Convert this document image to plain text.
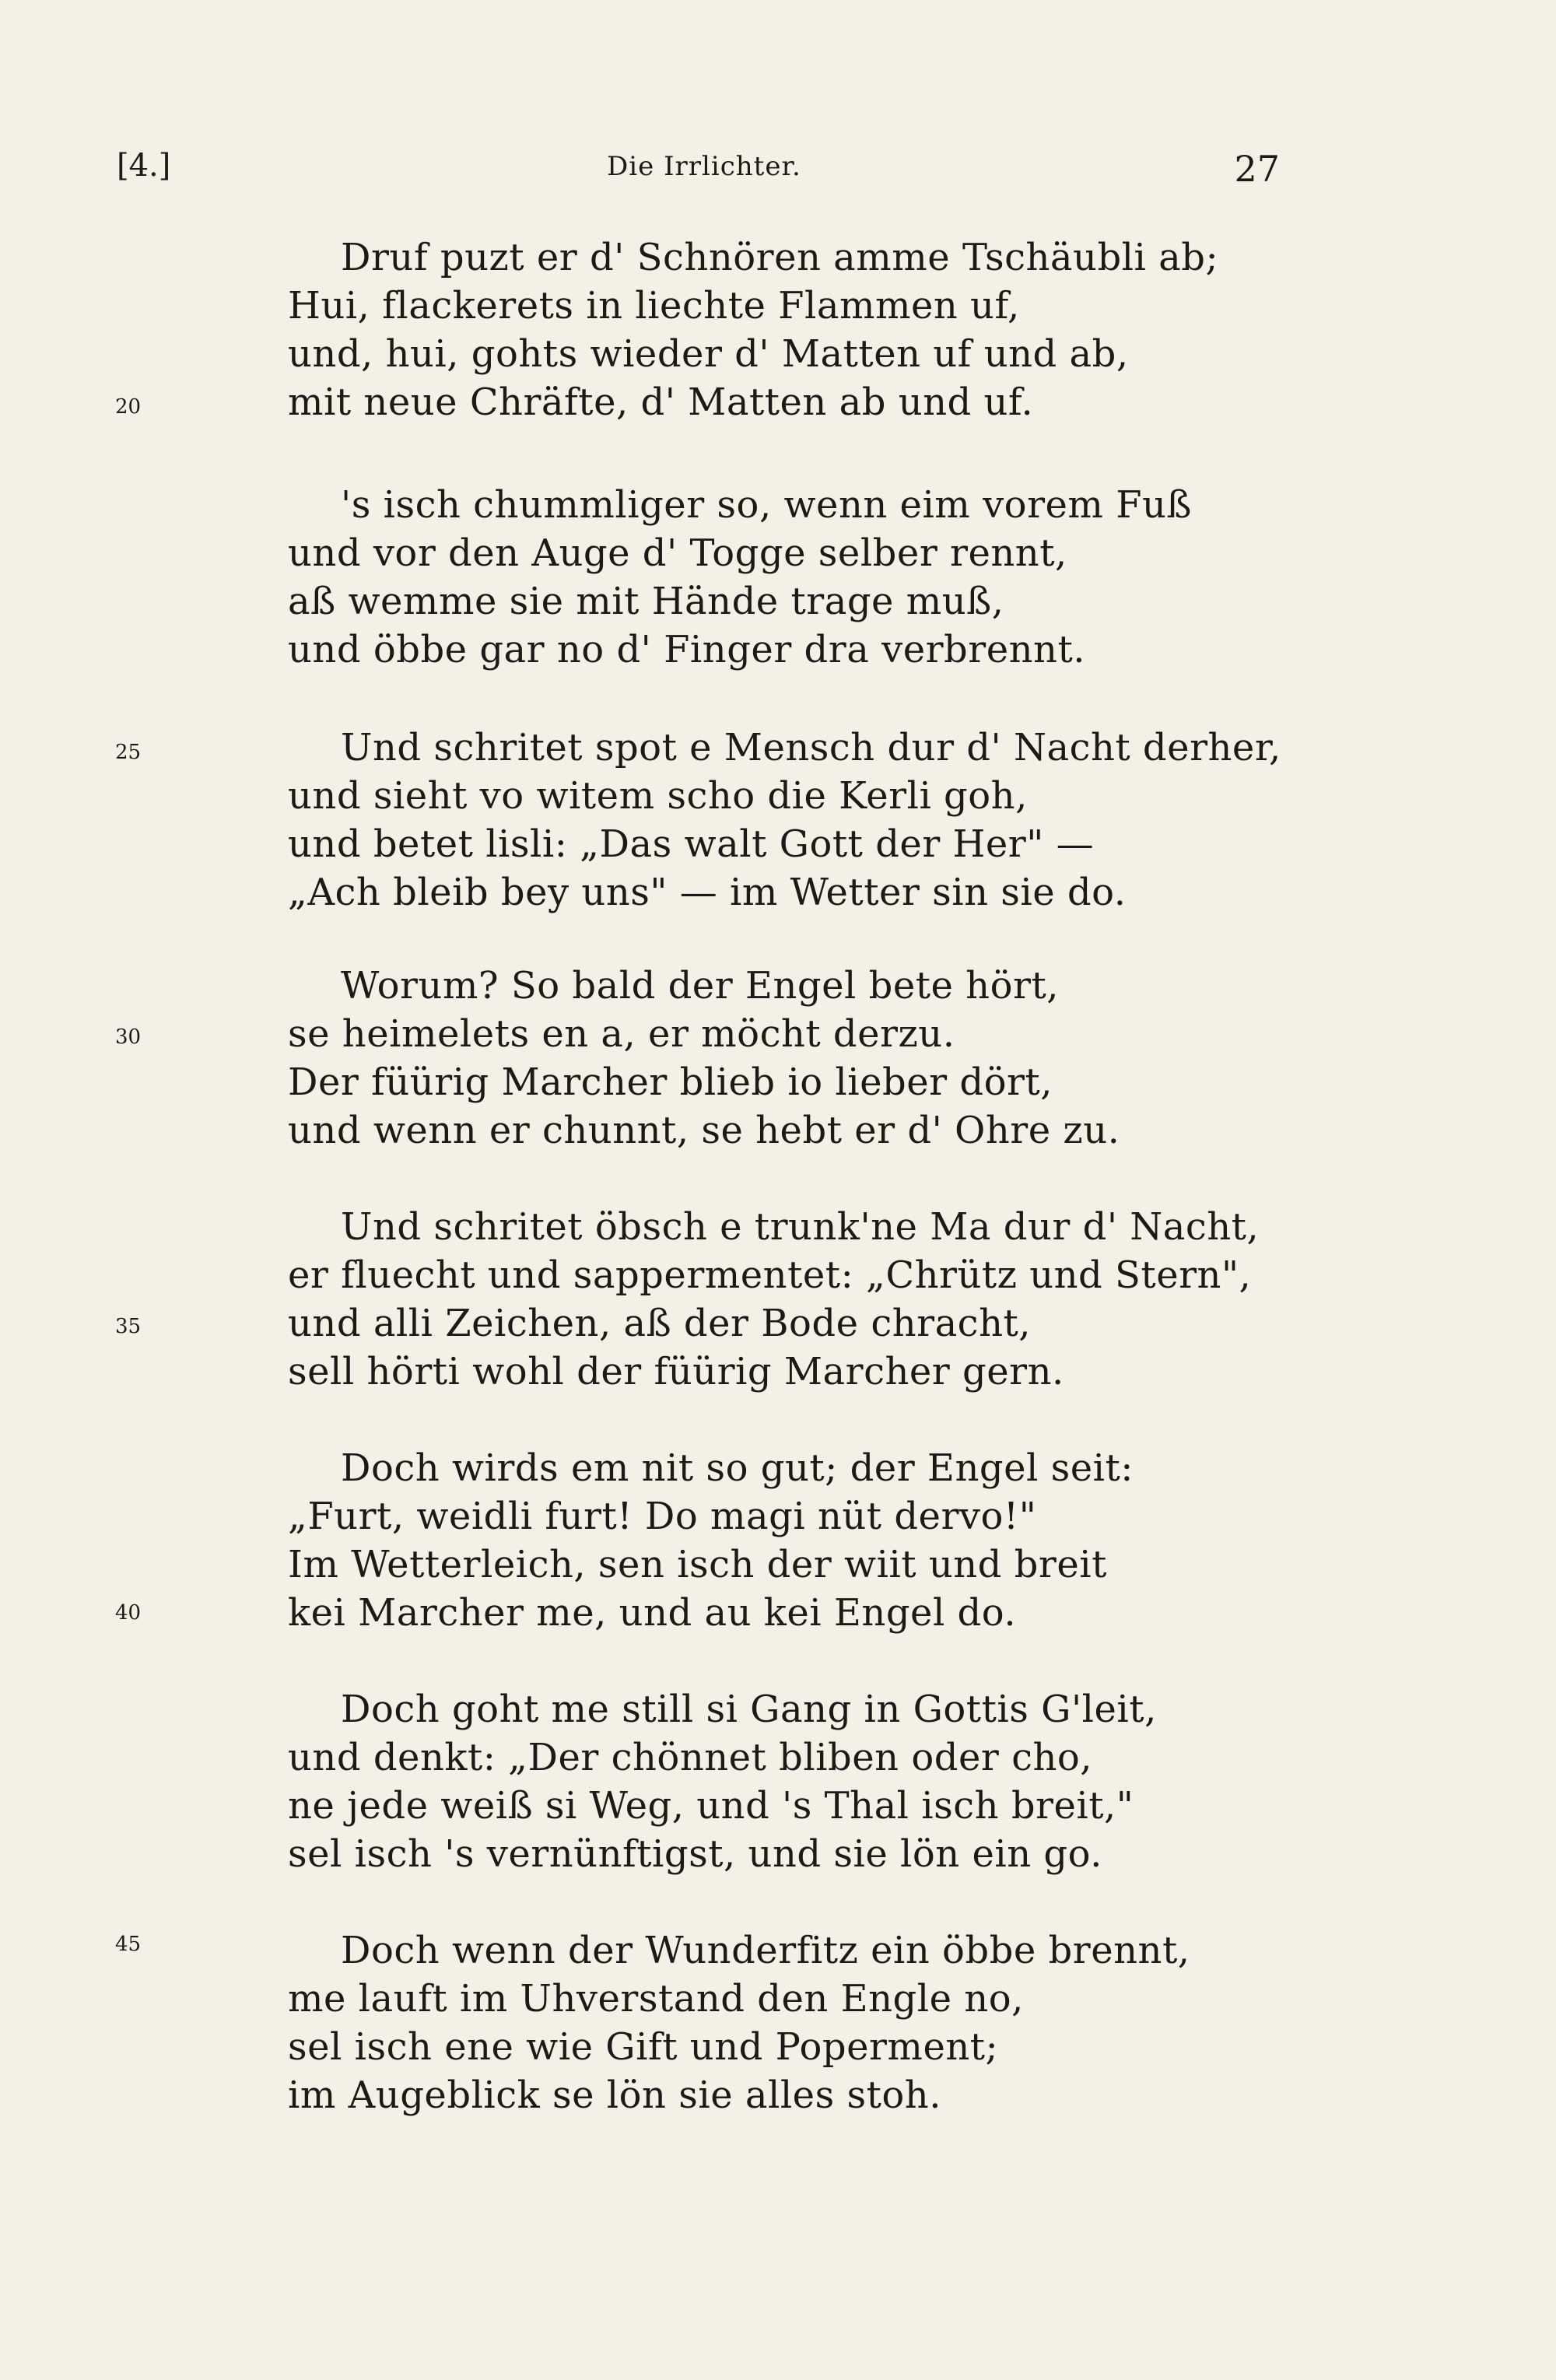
[4.]	Die Irrlichter.	27
20
25
30
35
40
45
Druf puzt er d' Schnören amme Tschäubli ab;
Hui, flackerets in liechte Flammen uf,
und, hui, gohts wieder d' Matten uf und ab,
mit neue Chräfte, d' Matten ab und uf.
's isch chummliger so, wenn eim vorem Fuß
und vor den Auge d' Togge selber rennt,
aß wemme sie mit Hände trage muß,
und öbbe gar no d' Finger dra verbrennt.
Und schritet spot e Mensch dur d' Nacht derher,
und sieht vo witem scho die Kerli goh,
und betet lisli: „Das walt Gott der Her" —
„Ach bleib bey uns" — im Wetter sin sie do.
Worum? So bald der Engel bete hört,
se heimelets en a, er möcht derzu.
Der füürig Marcher blieb io lieber dört,
und wenn er chunnt, se hebt er d' Ohre zu.
Und schritet öbsch e trunk'ne Ma dur d' Nacht,
er fluecht und sappermentet: „Chrütz und Stern",
und alli Zeichen, aß der Bode chracht,
sell hörti wohl der füürig Marcher gern.
Doch wirds em nit so gut; der Engel seit:
„Furt, weidli furt! Do magi nüt dervo!"
Im Wetterleich, sen isch der wiit und breit
kei Marcher me, und au kei Engel do.
Doch goht me still si Gang in Gottis G'leit,
und denkt: „Der chönnet bliben oder cho,
ne jede weiß si Weg, und 's Thal isch breit,"
sel isch 's vernünftigst, und sie lön ein go.
Doch wenn der Wunderfitz ein öbbe brennt,
me lauft im Uhverstand den Engle no,
sel isch ene wie Gift und Poperment;
im Augeblick se lön sie alles stoh.
